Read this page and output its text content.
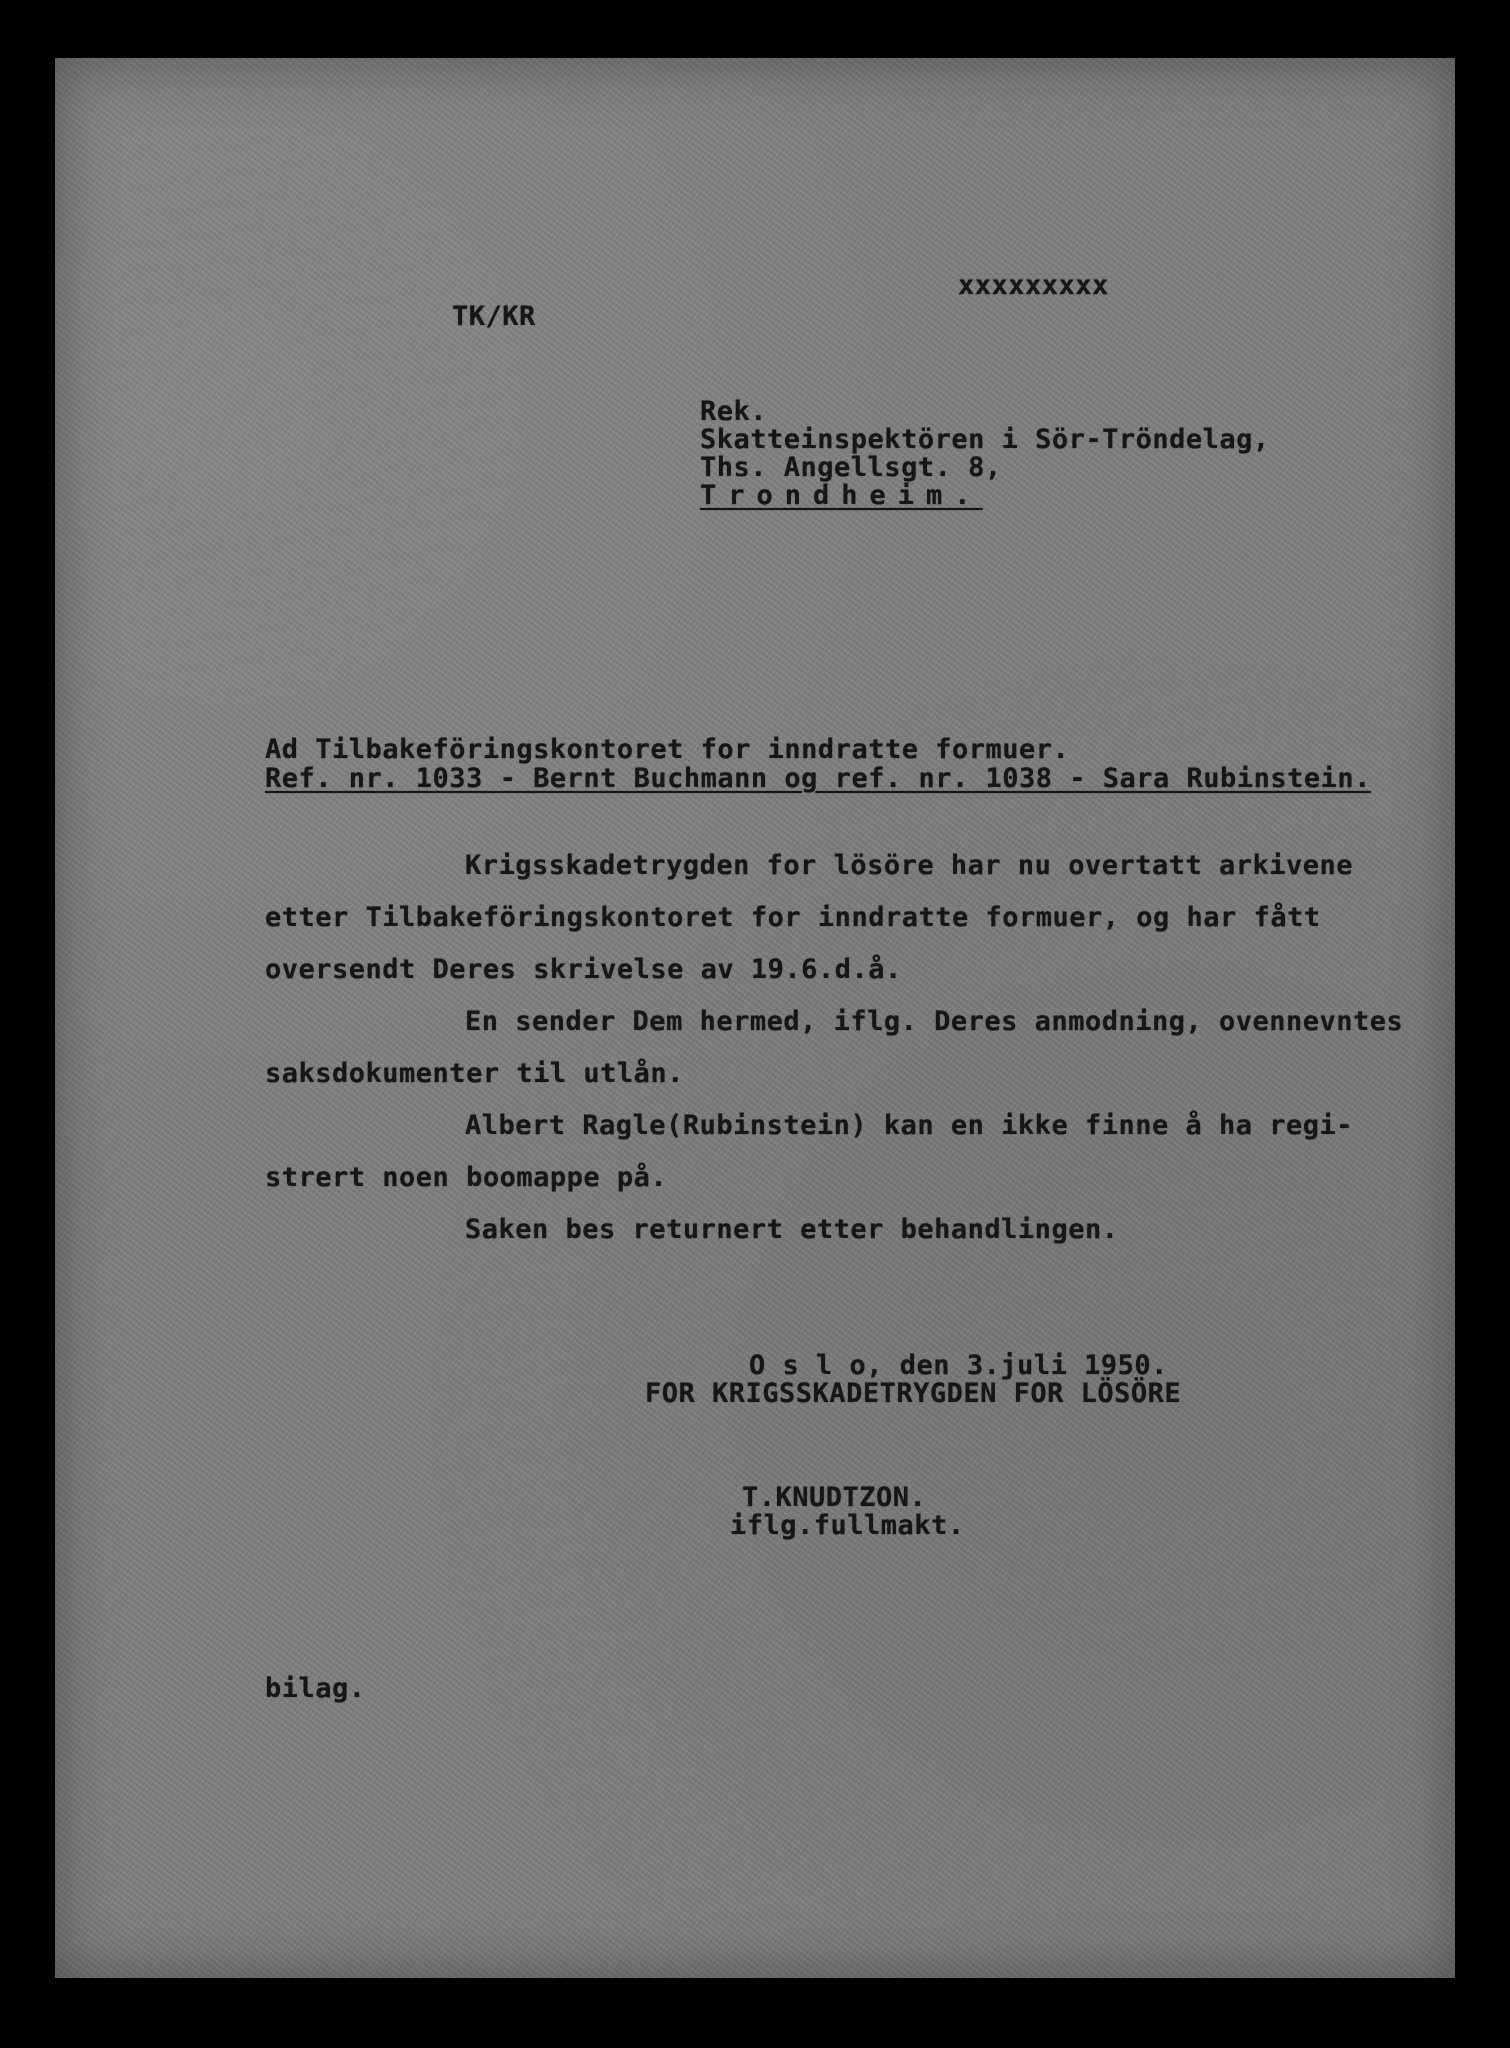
xxxxxxxxx

TK/KR

Rek.

Skatteinspektören i Sör-Tröndelag,

Ths. Angellsgt. 8,

Trondheim.

Ad Tilbakeföringskontoret for inndratte formuer.

Ref. nr. 1033 - Bernt Buchmann og ref. nr. 1038 - Sara Rubinstein.

Krigsskadetrygden for lösöre har nu overtatt arkivene

etter Tilbakeföringskontoret for inndratte formuer, og har fått

oversendt Deres skrivelse av 19.6.d.å.

En sender Dem hermed, iflg. Deres anmodning, ovennevntes

saksdokumenter til utlån.

Albert Ragle(Rubinstein) kan en ikke finne å ha regi-

strert noen boomappe på.

Saken bes returnert etter behandlingen.

O s l o, den 3.juli 1950.

FOR KRIGSSKADETRYGDEN FOR LÖSÖRE

T.KNUDTZON.

iflg.fullmakt.

bilag.
